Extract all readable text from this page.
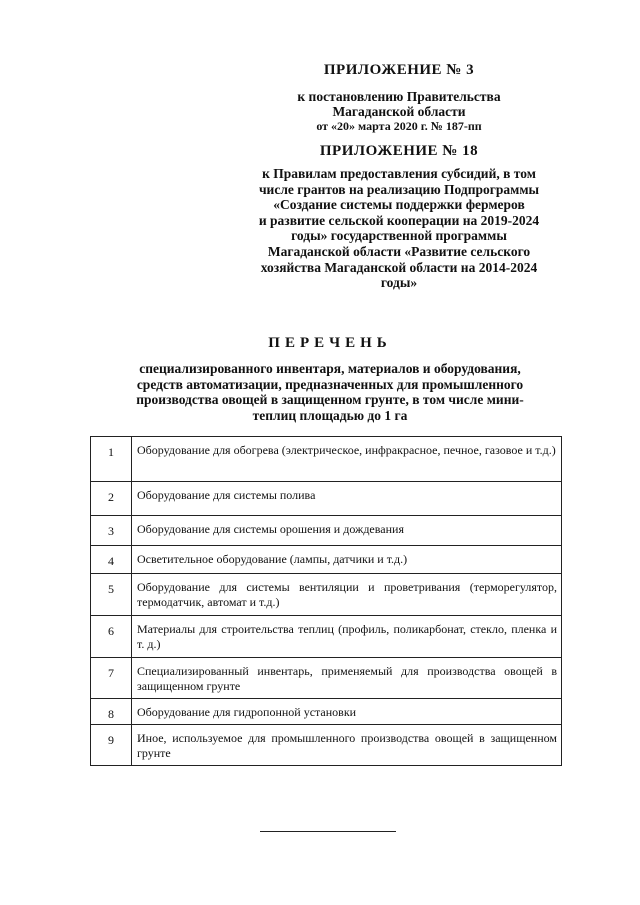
ПРИЛОЖЕНИЕ № 3
к постановлению Правительства
Магаданской области
от «20» марта 2020 г. № 187-пп
ПРИЛОЖЕНИЕ № 18
к Правилам предоставления субсидий, в том
числе грантов на реализацию Подпрограммы
«Создание системы поддержки фермеров
и развитие сельской кооперации на 2019-2024
годы» государственной программы
Магаданской области «Развитие сельского
хозяйства Магаданской области на 2014-2024
годы»
ПЕРЕЧЕНЬ
специализированного инвентаря, материалов и оборудования,
средств автоматизации, предназначенных для промышленного
производства овощей в защищенном грунте, в том числе мини-
теплиц площадью до 1 га
1	Оборудование для обогрева (электрическое, инфракрасное, печное, газовое и т.д.)
2	Оборудование для системы полива
3	Оборудование для системы орошения и дождевания
4	Осветительное оборудование (лампы, датчики и т.д.)
5	Оборудование для системы вентиляции и проветривания (терморегулятор, термодатчик, автомат и т.д.)
6	Материалы для строительства теплиц (профиль, поликарбонат, стекло, пленка и т. д.)
7	Специализированный инвентарь, применяемый для производства овощей в защищенном грунте
8	Оборудование для гидропонной установки
9	Иное, используемое для промышленного производства овощей в защищенном грунте
